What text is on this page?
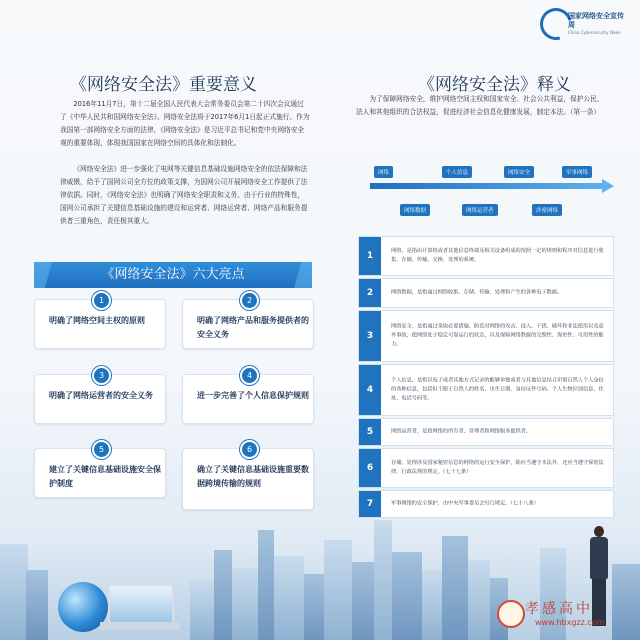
国家网络安全宣传周
China Cybersecurity Week
《网络安全法》重要意义

2016年11月7日，第十二届全国人民代表大会常务委员会第二十四次会议通过了《中华人民共和国网络安全法》。网络安全法将于2017年6月1日起正式施行。作为我国第一部网络安全方面的法律，《网络安全法》是习近平总书记和党中央网络安全观的重要体现，体现我国国家在网络空间的具体化和法制化。

《网络安全法》进一步强化了电网等关键信息基础设施网络安全的依法保障和法律威慑，给予了国网公司全方位的政策支撑，为国网公司开展网络安全工作提供了法律依据。同时，《网络安全法》也明确了网络安全职责和义务。由于行业的特殊性，国网公司承担了关键信息基础设施的建设和运营者、网络运营者、网络产品和服务提供者三重角色，责任极其重大。

《网络安全法》六大亮点
1
明确了网络空间主权的原则
2
明确了网络产品和服务提供者的安全义务
3
明确了网络运营者的安全义务
4
进一步完善了个人信息保护规则
5
建立了关键信息基础设施安全保护制度
6
确立了关键信息基础设施重要数据跨境传输的规则
《网络安全法》释义

为了保障网络安全，维护网络空间主权和国家安全、社会公共利益，保护公民、法人和其他组织的合法权益，促进经济社会信息化健康发展，制定本法。（第一条）

网络	个人信息	网络安全	军事网络
网络数据	网络运营者	涉密网络
1	网络，是指由计算机或者其他信息终端及相关设备组成的按照一定的规则和程序对信息进行收集、存储、传输、交换、处理的系统。
2	网络数据，是指通过网络收集、存储、传输、处理和产生的各种电子数据。
3
网络安全，是指通过采取必要措施，防范对网络的攻击、侵入、干扰、破坏和非法使用以及意外事故，使网络处于稳定可靠运行的状态，以及保障网络数据的完整性、保密性、可用性的能力。
4
个人信息，是指以电子或者其他方式记录的能够单独或者与其他信息结合识别自然人个人身份的各种信息，包括但不限于自然人的姓名、出生日期、身份证件号码、个人生物识别信息、住址、电话号码等。
5	网络运营者，是指网络的所有者、管理者和网络服务提供者。
6	存储、处理涉及国家秘密信息的网络的运行安全保护，除应当遵守本法外，还应当遵守保密法律、行政法规的规定。（七十七条）
7	军事网络的安全保护，由中央军事委员会另行规定。（七十八条）
孝感高中
www.hbxgzz.com
